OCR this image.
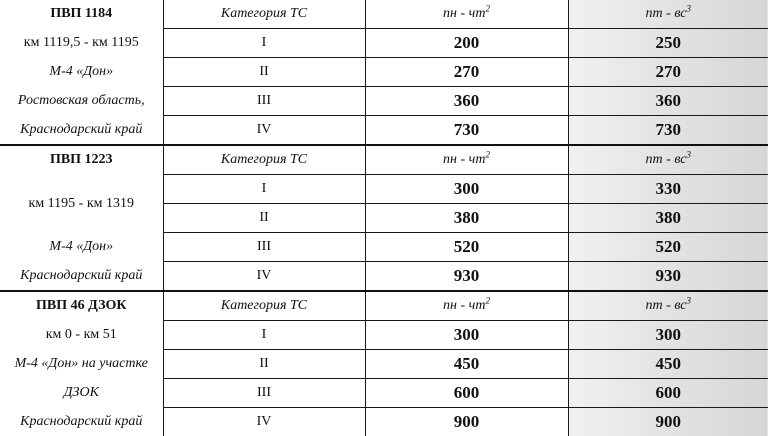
ПВП 1184	Категория ТС	пн - $чт^2$	пт - $вс^3$
км 1119,5 - км 1195	I	200	250
М-4 «Дон»	II	270	270
Ростовская область,	III	360	360
Краснодарский край	IV	730	730
ПВП 1223	Категория ТС	пн - $чт^2$	пт - $вс^3$
км 1195 - км 1319	I	300	330
	II	380	380
М-4 «Дон»	III	520	520
Краснодарский край	IV	930	930
ПВП 46 ДЗОК	Категория ТС	пн - $чт^2$	пт - $вс^3$
км 0 - км 51	I	300	300
М-4 «Дон» на участке	II	450	450
ДЗОК	III	600	600
Краснодарский край	IV	900	900
